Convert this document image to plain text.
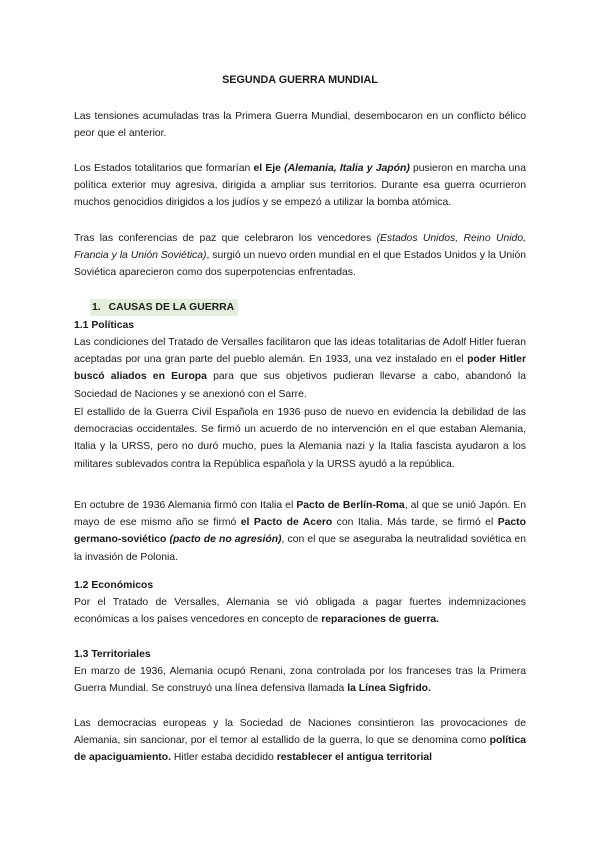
SEGUNDA GUERRA MUNDIAL

Las tensiones acumuladas tras la Primera Guerra Mundial, desembocaron en un conflicto bélico peor que el anterior.

Los Estados totalitarios que formarían el Eje (Alemania, Italia y Japón) pusieron en marcha una política exterior muy agresiva, dirigida a ampliar sus territorios. Durante esa guerra ocurrieron muchos genocidios dirigidos a los judíos y se empezó a utilizar la bomba atómica.

Tras las conferencias de paz que celebraron los vencedores (Estados Unidos, Reino Unido, Francia y la Unión Soviética), surgió un nuevo orden mundial en el que Estados Unidos y la Unión Soviética aparecieron como dos superpotencias enfrentadas.

1. CAUSAS DE LA GUERRA
1.1 Políticas

Las condiciones del Tratado de Versalles facilitaron que las ideas totalitarias de Adolf Hitler fueran aceptadas por una gran parte del pueblo alemán. En 1933, una vez instalado en el poder Hitler buscó aliados en Europa para que sus objetivos pudieran llevarse a cabo, abandonó la Sociedad de Naciones y se anexionó con el Sarre.

El estallido de la Guerra Civil Española en 1936 puso de nuevo en evidencia la debilidad de las democracias occidentales. Se firmó un acuerdo de no intervención en el que estaban Alemania, Italia y la URSS, pero no duró mucho, pues la Alemania nazi y la Italia fascista ayudaron a los militares sublevados contra la República española y la URSS ayudó a la república.

En octubre de 1936 Alemania firmó con Italia el Pacto de Berlín-Roma, al que se unió Japón. En mayo de ese mismo año se firmó el Pacto de Acero con Italia. Más tarde, se firmó el Pacto germano-soviético (pacto de no agresión), con el que se aseguraba la neutralidad soviética en la invasión de Polonia.

1.2 Económicos

Por el Tratado de Versalles, Alemania se vió obligada a pagar fuertes indemnizaciones económicas a los países vencedores en concepto de reparaciones de guerra.

1.3 Territoriales

En marzo de 1936, Alemania ocupó Renani, zona controlada por los franceses tras la Primera Guerra Mundial. Se construyó una línea defensiva llamada la Línea Sigfrido.

Las democracias europeas y la Sociedad de Naciones consintieron las provocaciones de Alemania, sin sancionar, por el temor al estallido de la guerra, lo que se denomina como política de apaciguamiento. Hitler estaba decidido restablecer el antigua territorial
